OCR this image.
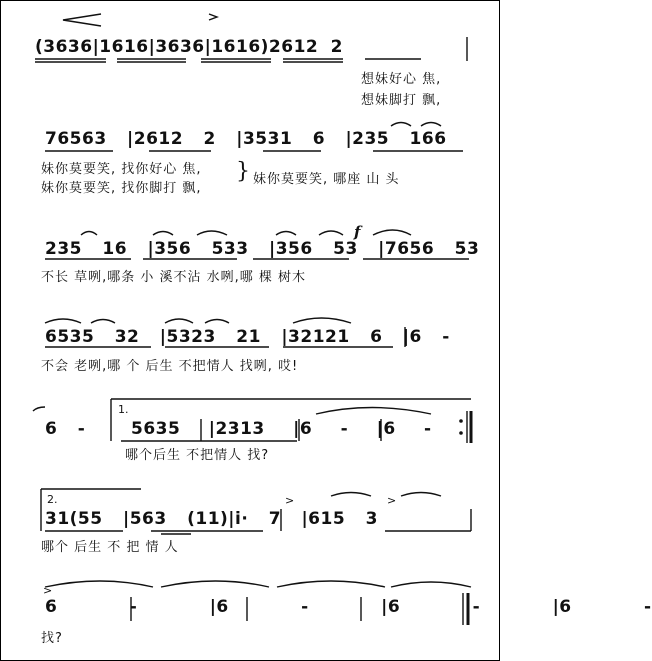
(3636|1616|3636|1616)2612 2
想妹好心 焦,
想妹脚打 飘,
76563 |2612 2 |3531 6 |235 166
妹你莫要笑, 找你好心 焦,
妹你莫要笑, 找你脚打 飘,
} 妹你莫要笑, 哪座 山 头
f
235 16 |356 533 |356 53 |7656 53
不长 草咧,哪条 小 溪不沾 水咧,哪 棵 树木
6535 32 |5323 21 |32121 6 |6 -
不会 老咧,哪 个 后生 不把情人 找咧, 哎!
6 -
1.
5635 |2313 |6 - |6 -
哪个后生 不把情人 找?
2.
31(55 |563 (11)|i· 7 |615 3
哪个 后生 不 把 情 人
6 - |6 - |6 - |6 -
找?
>	>
>
